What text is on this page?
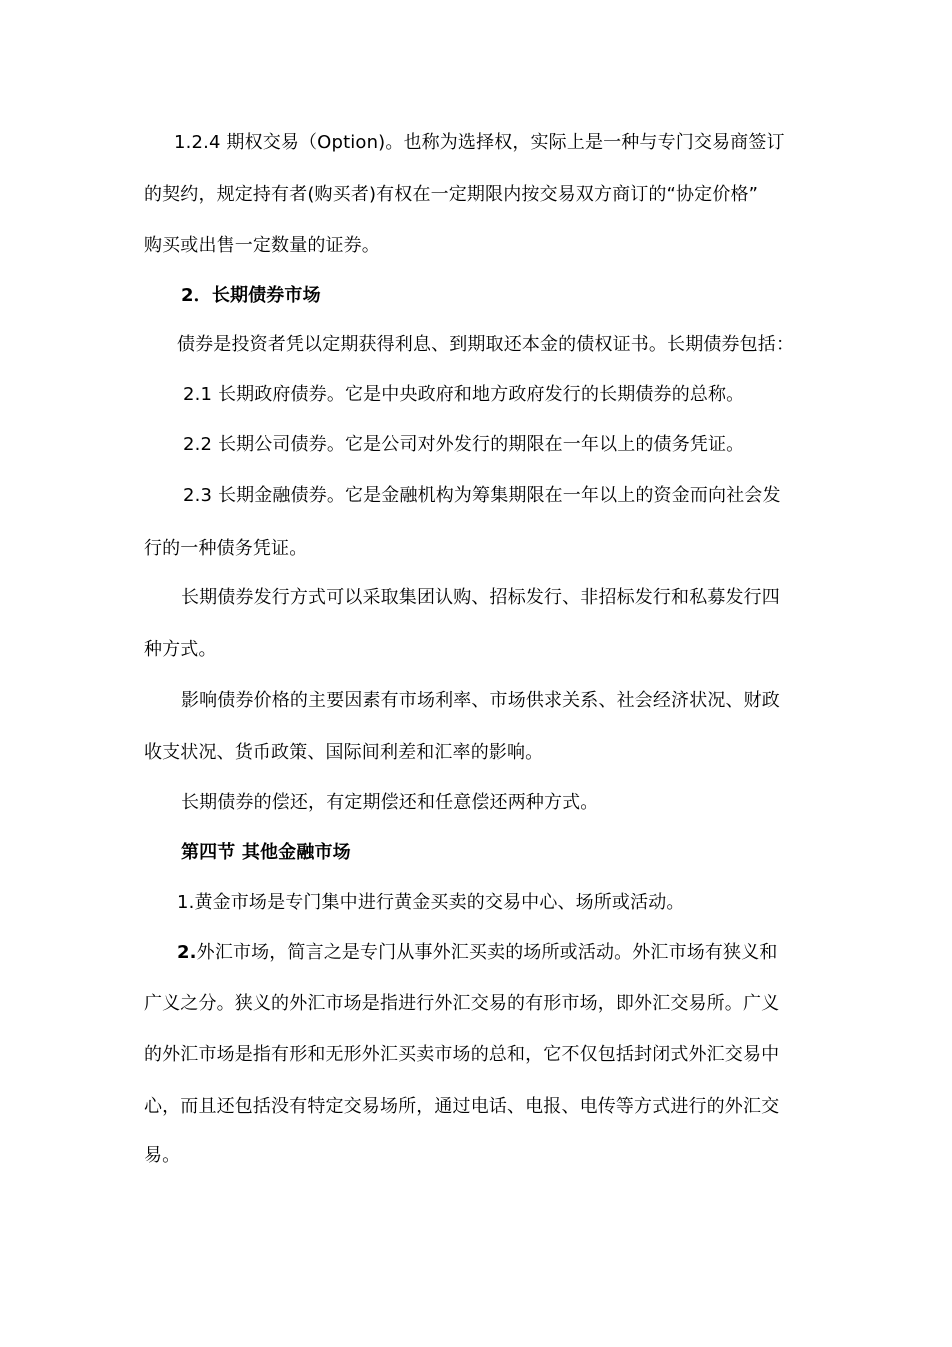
1.2.4 期权交易（Option)。也称为选择权，实际上是一种与专门交易商签订
的契约，规定持有者(购买者)有权在一定期限内按交易双方商订的“协定价格”
购买或出售一定数量的证券。
2．长期债券市场
债券是投资者凭以定期获得利息、到期取还本金的债权证书。长期债券包括：
2.1 长期政府债券。它是中央政府和地方政府发行的长期债券的总称。
2.2 长期公司债券。它是公司对外发行的期限在一年以上的债务凭证。
2.3 长期金融债券。它是金融机构为筹集期限在一年以上的资金而向社会发
行的一种债务凭证。
长期债券发行方式可以采取集团认购、招标发行、非招标发行和私募发行四
种方式。
影响债券价格的主要因素有市场利率、市场供求关系、社会经济状况、财政
收支状况、货币政策、国际间利差和汇率的影响。
长期债券的偿还，有定期偿还和任意偿还两种方式。
第四节 其他金融市场
1.黄金市场是专门集中进行黄金买卖的交易中心、场所或活动。
2.外汇市场，简言之是专门从事外汇买卖的场所或活动。外汇市场有狭义和
广义之分。狭义的外汇市场是指进行外汇交易的有形市场，即外汇交易所。广义
的外汇市场是指有形和无形外汇买卖市场的总和，它不仅包括封闭式外汇交易中
心，而且还包括没有特定交易场所，通过电话、电报、电传等方式进行的外汇交
易。
